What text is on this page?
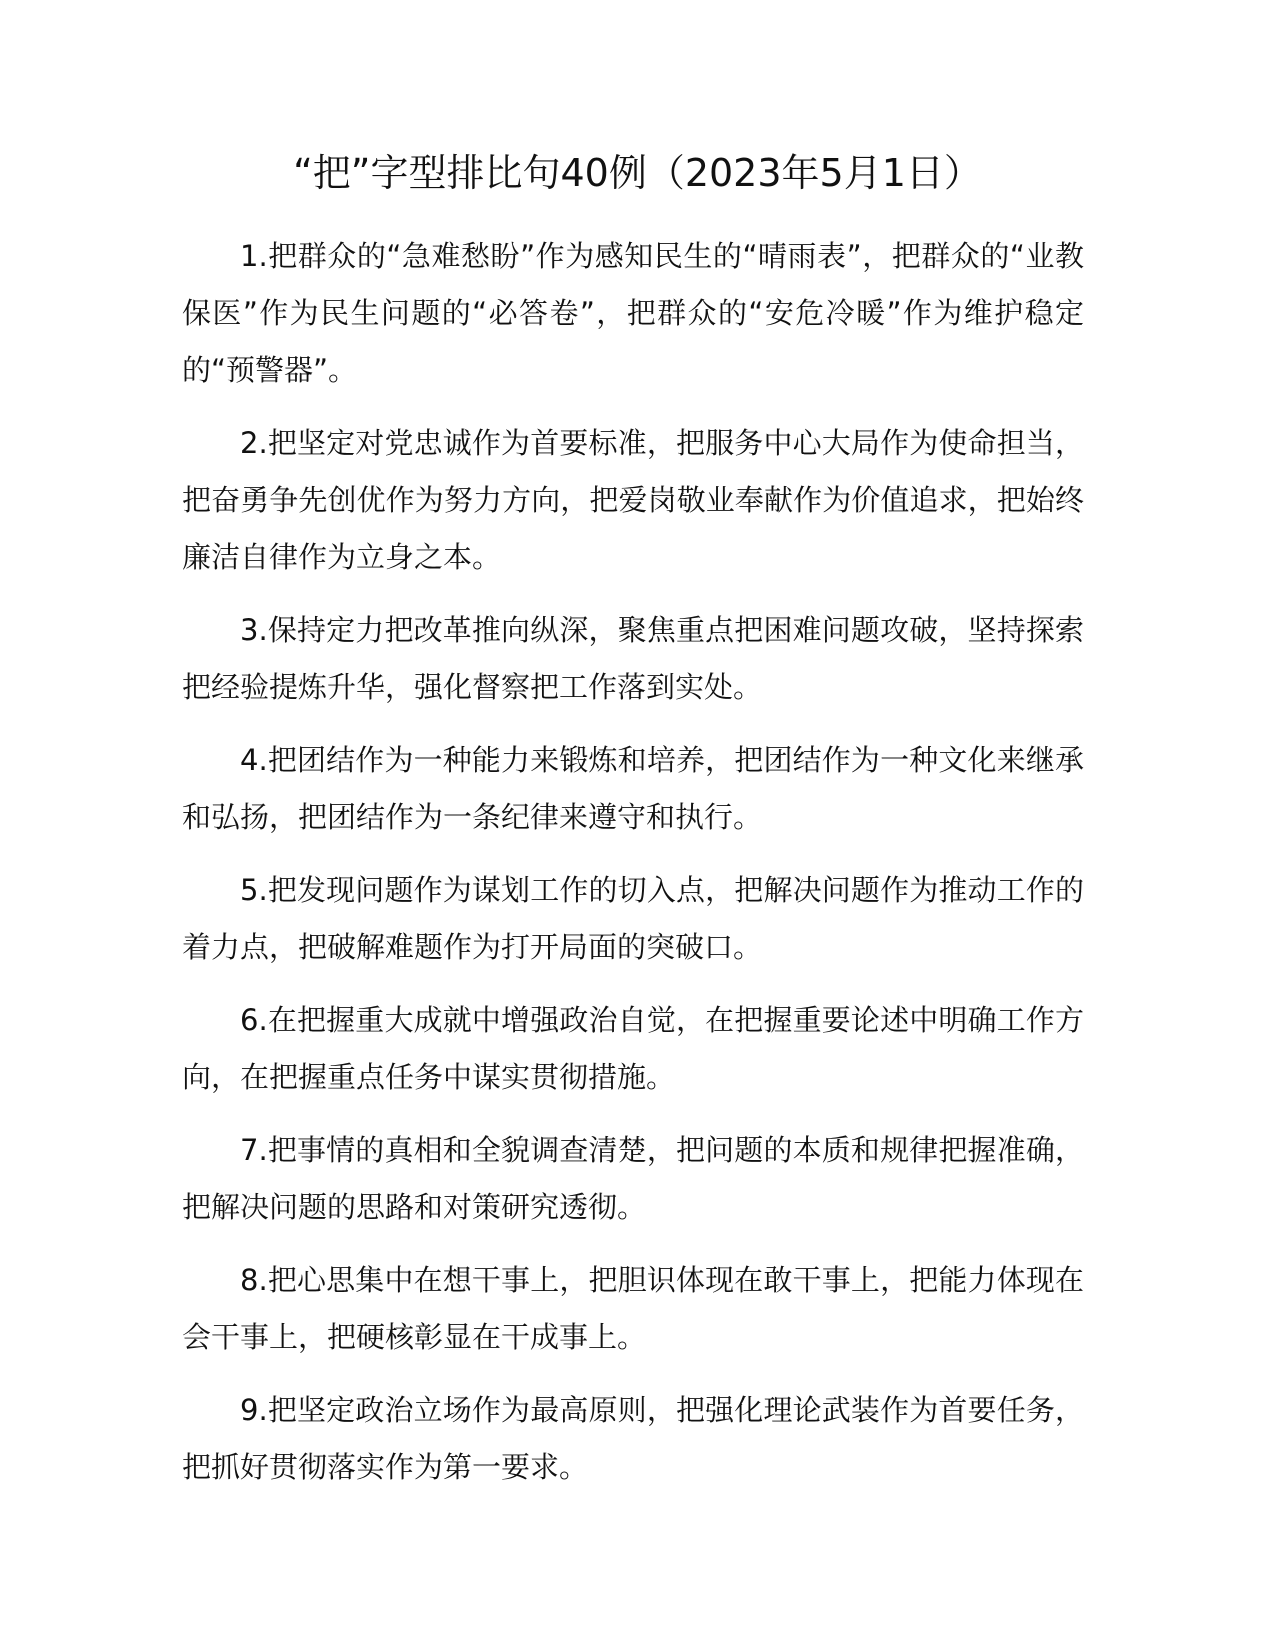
“把”字型排比句40例（2023年5月1日）

1.把群众的“急难愁盼”作为感知民生的“晴雨表”，把群众的“业教保医”作为民生问题的“必答卷”，把群众的“安危冷暖”作为维护稳定的“预警器”。

2.把坚定对党忠诚作为首要标准，把服务中心大局作为使命担当，把奋勇争先创优作为努力方向，把爱岗敬业奉献作为价值追求，把始终廉洁自律作为立身之本。

3.保持定力把改革推向纵深，聚焦重点把困难问题攻破，坚持探索把经验提炼升华，强化督察把工作落到实处。

4.把团结作为一种能力来锻炼和培养，把团结作为一种文化来继承和弘扬，把团结作为一条纪律来遵守和执行。

5.把发现问题作为谋划工作的切入点，把解决问题作为推动工作的着力点，把破解难题作为打开局面的突破口。

6.在把握重大成就中增强政治自觉，在把握重要论述中明确工作方向，在把握重点任务中谋实贯彻措施。

7.把事情的真相和全貌调查清楚，把问题的本质和规律把握准确，把解决问题的思路和对策研究透彻。

8.把心思集中在想干事上，把胆识体现在敢干事上，把能力体现在会干事上，把硬核彰显在干成事上。

9.把坚定政治立场作为最高原则，把强化理论武装作为首要任务，把抓好贯彻落实作为第一要求。
